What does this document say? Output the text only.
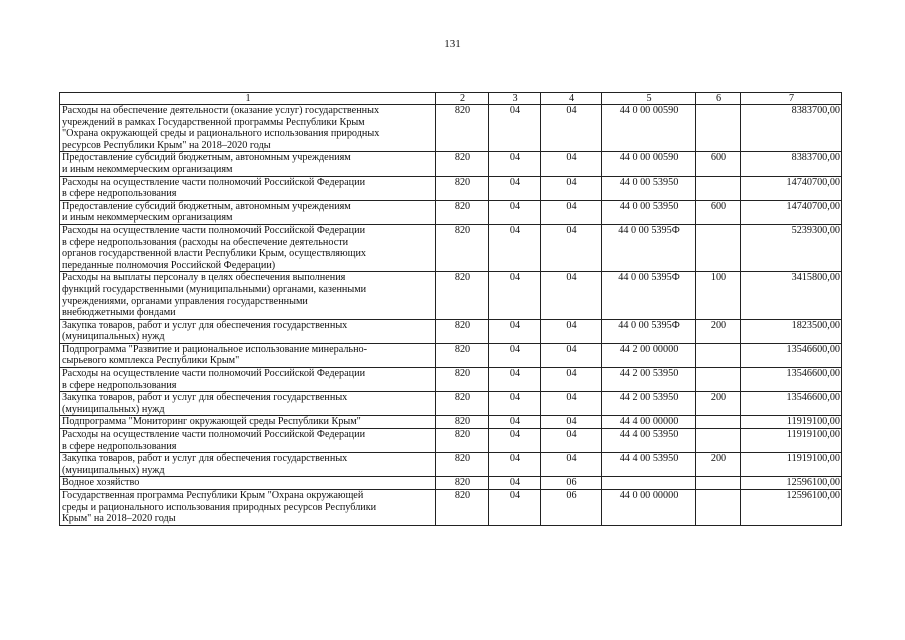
131
1	2	3	4	5	6	7

Расходы на обеспечение деятельности (оказание услуг) государственных
учреждений в рамках Государственной программы Республики Крым
"Охрана окружающей среды и рационального использования природных
ресурсов Республики Крым" на 2018–2020 годы	820	04	04	44 0 00 00590		8383700,00

Предоставление субсидий бюджетным, автономным учреждениям
и иным некоммерческим организациям	820	04	04	44 0 00 00590	600	8383700,00

Расходы на осуществление части полномочий Российской Федерации
в сфере недропользования	820	04	04	44 0 00 53950		14740700,00

Предоставление субсидий бюджетным, автономным учреждениям
и иным некоммерческим организациям	820	04	04	44 0 00 53950	600	14740700,00

Расходы на осуществление части полномочий Российской Федерации
в сфере недропользования (расходы на обеспечение деятельности
органов государственной власти Республики Крым, осуществляющих
переданные полномочия Российской Федерации)	820	04	04	44 0 00 5395Ф		5239300,00

Расходы на выплаты персоналу в целях обеспечения выполнения
функций государственными (муниципальными) органами, казенными
учреждениями, органами управления государственными
внебюджетными фондами	820	04	04	44 0 00 5395Ф	100	3415800,00

Закупка товаров, работ и услуг для обеспечения государственных
(муниципальных) нужд	820	04	04	44 0 00 5395Ф	200	1823500,00

Подпрограмма "Развитие и рациональное использование минерально-
сырьевого комплекса Республики Крым"	820	04	04	44 2 00 00000		13546600,00

Расходы на осуществление части полномочий Российской Федерации
в сфере недропользования	820	04	04	44 2 00 53950		13546600,00

Закупка товаров, работ и услуг для обеспечения государственных
(муниципальных) нужд	820	04	04	44 2 00 53950	200	13546600,00

Подпрограмма "Мониторинг окружающей среды Республики Крым"	820	04	04	44 4 00 00000		11919100,00

Расходы на осуществление части полномочий Российской Федерации
в сфере недропользования	820	04	04	44 4 00 53950		11919100,00

Закупка товаров, работ и услуг для обеспечения государственных
(муниципальных) нужд	820	04	04	44 4 00 53950	200	11919100,00

Водное хозяйство	820	04	06			12596100,00

Государственная программа Республики Крым "Охрана окружающей
среды и рационального использования природных ресурсов Республики
Крым" на 2018–2020 годы	820	04	06	44 0 00 00000		12596100,00
